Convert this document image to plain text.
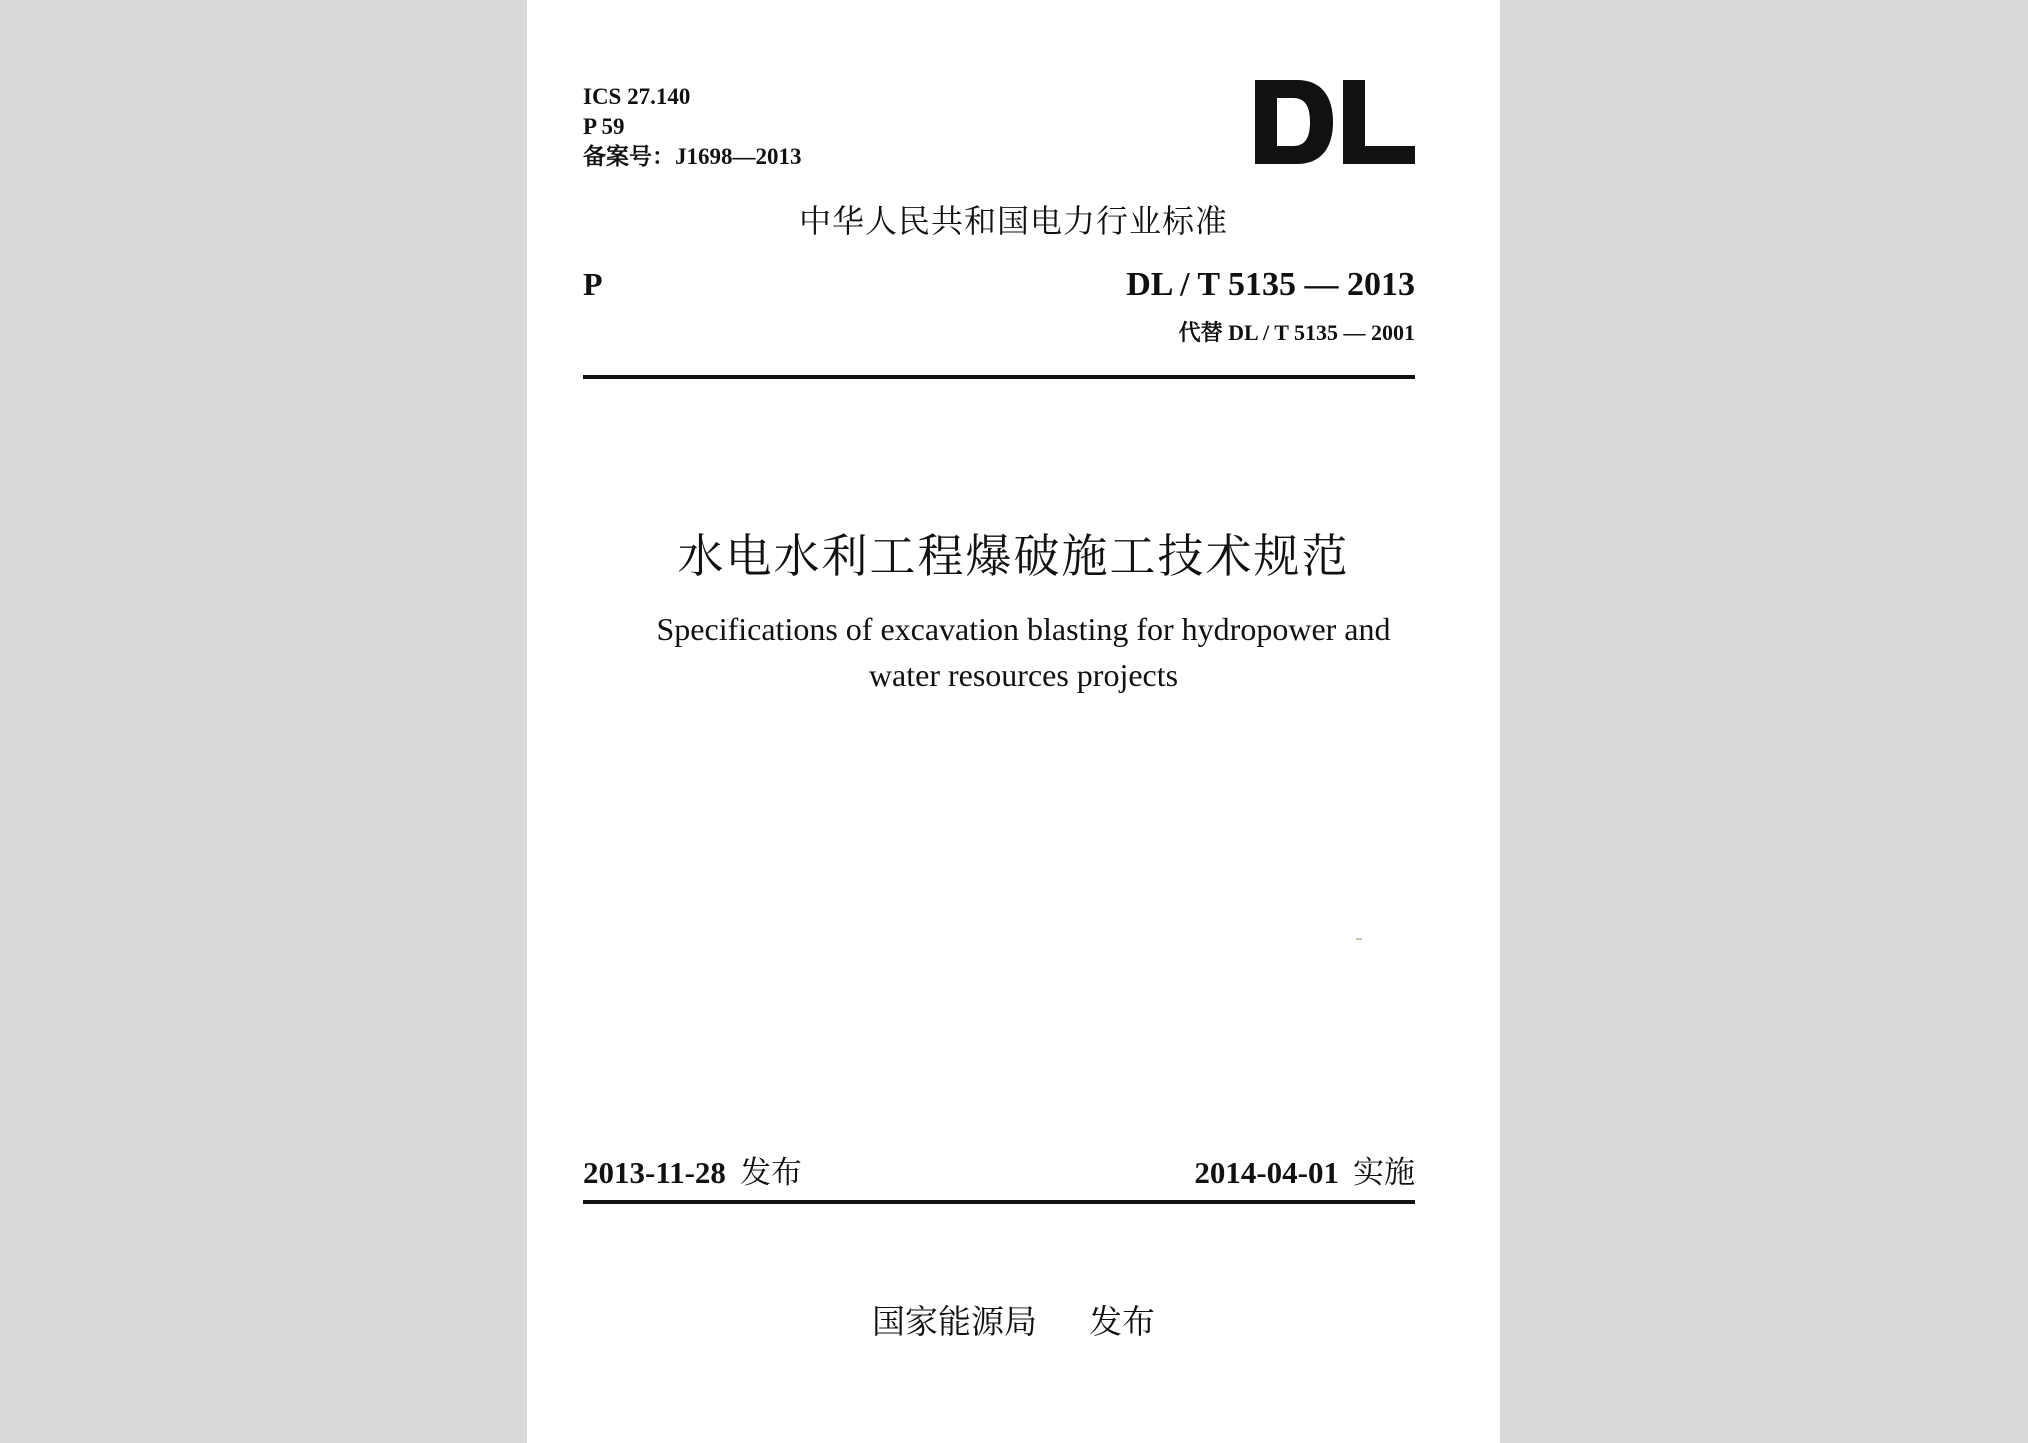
ICS 27.140
P 59
备案号：J1698—2013
中华人民共和国电力行业标准
P	DL / T 5135 — 2013
代替 DL / T 5135 — 2001
水电水利工程爆破施工技术规范
Specifications of excavation blasting for hydropower and
water resources projects
2013-11-28 发布	2014-04-01 实施
国家能源局 发布
